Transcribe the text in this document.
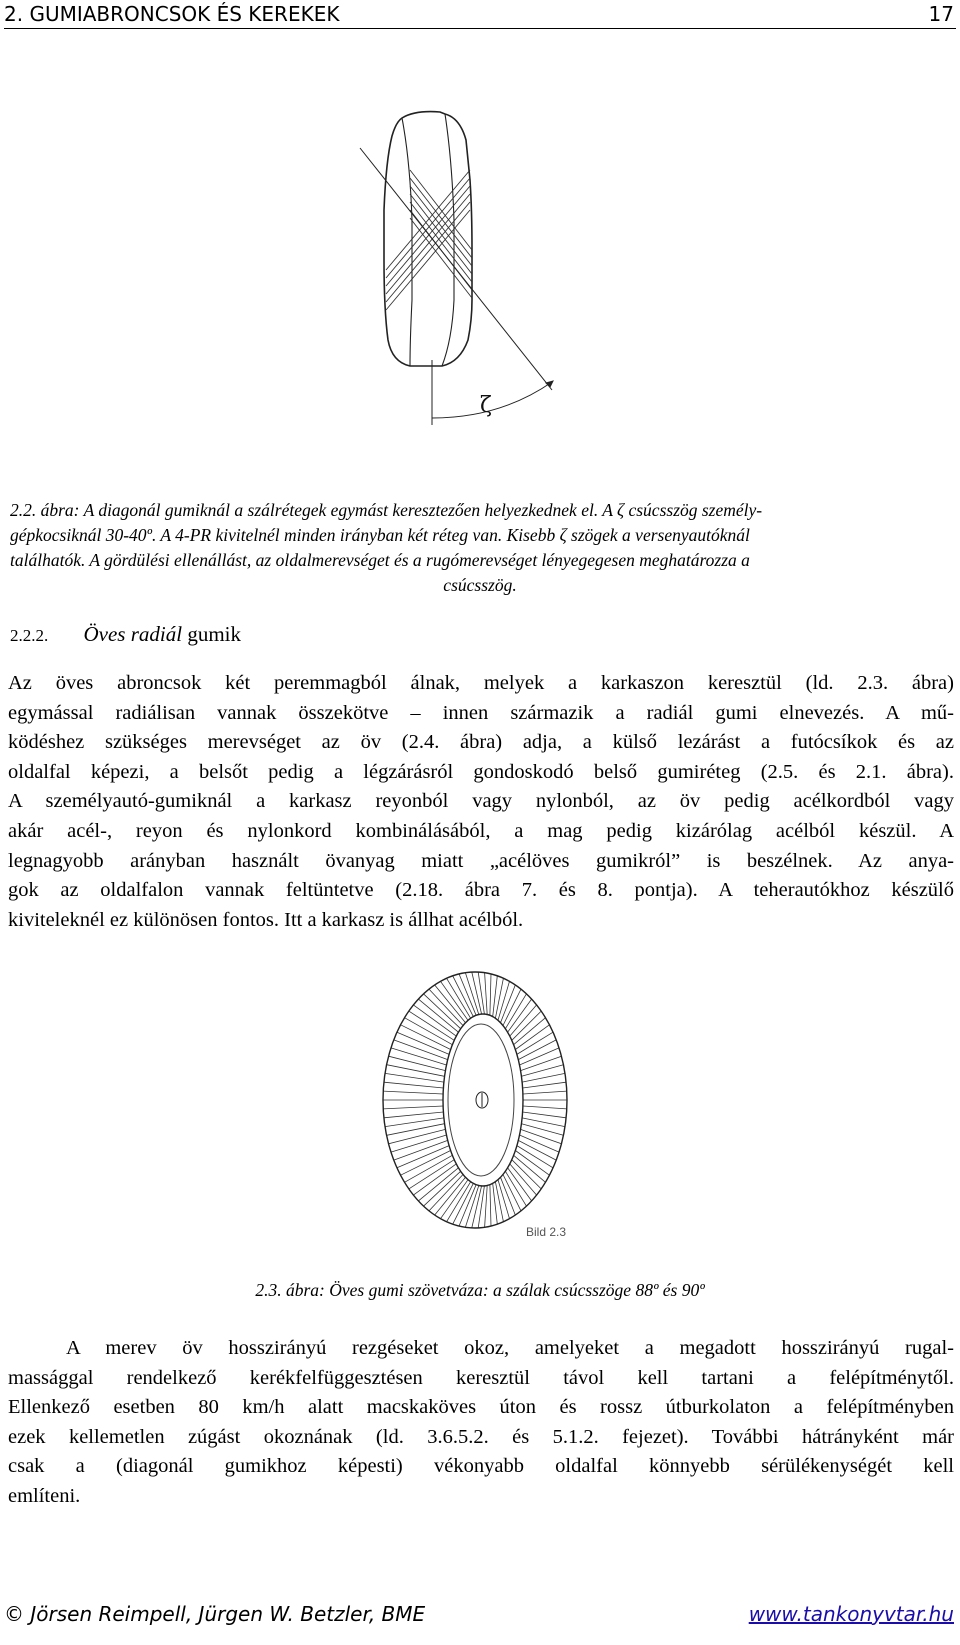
2. GUMIABRONCSOK ÉS KEREKEK	17
ζ
2.2. ábra: A diagonál gumiknál a szálrétegek egymást keresztezően helyezkednek el. A ζ csúcsszög személy-
gépkocsiknál 30-40º. A 4-PR kivitelnél minden irányban két réteg van. Kisebb ζ szögek a versenyautóknál
találhatók. A gördülési ellenállást, az oldalmerevséget és a rugómerevséget lényegegesen meghatározza a
csúcsszög.
2.2.2. Öves radiál gumik
Az öves abroncsok két peremmagból álnak, melyek a karkaszon keresztül (ld. 2.3. ábra)
egymással radiálisan vannak összekötve – innen származik a radiál gumi elnevezés. A mű-
ködéshez szükséges merevséget az öv (2.4. ábra) adja, a külső lezárást a futócsíkok és az
oldalfal képezi, a belsőt pedig a légzárásról gondoskodó belső gumiréteg (2.5. és 2.1. ábra).
A személyautó-gumiknál a karkasz reyonból vagy nylonból, az öv pedig acélkordból vagy
akár acél-, reyon és nylonkord kombinálásából, a mag pedig kizárólag acélból készül. A
legnagyobb arányban használt övanyag miatt „acélöves gumikról” is beszélnek. Az anya-
gok az oldalfalon vannak feltüntetve (2.18. ábra 7. és 8. pontja). A teherautókhoz készülő
kiviteleknél ez különösen fontos. Itt a karkasz is állhat acélból.
Bild 2.3
2.3. ábra: Öves gumi szövetváza: a szálak csúcsszöge 88º és 90º
A merev öv hosszirányú rezgéseket okoz, amelyeket a megadott hosszirányú rugal-
massággal rendelkező kerékfelfüggesztésen keresztül távol kell tartani a felépítménytől.
Ellenkező esetben 80 km/h alatt macskaköves úton és rossz útburkolaton a felépítményben
ezek kellemetlen zúgást okoznának (ld. 3.6.5.2. és 5.1.2. fejezet). További hátrányként már
csak a (diagonál gumikhoz képesti) vékonyabb oldalfal könnyebb sérülékenységét kell
említeni.
© Jörsen Reimpell, Jürgen W. Betzler, BME	www.tankonyvtar.hu
